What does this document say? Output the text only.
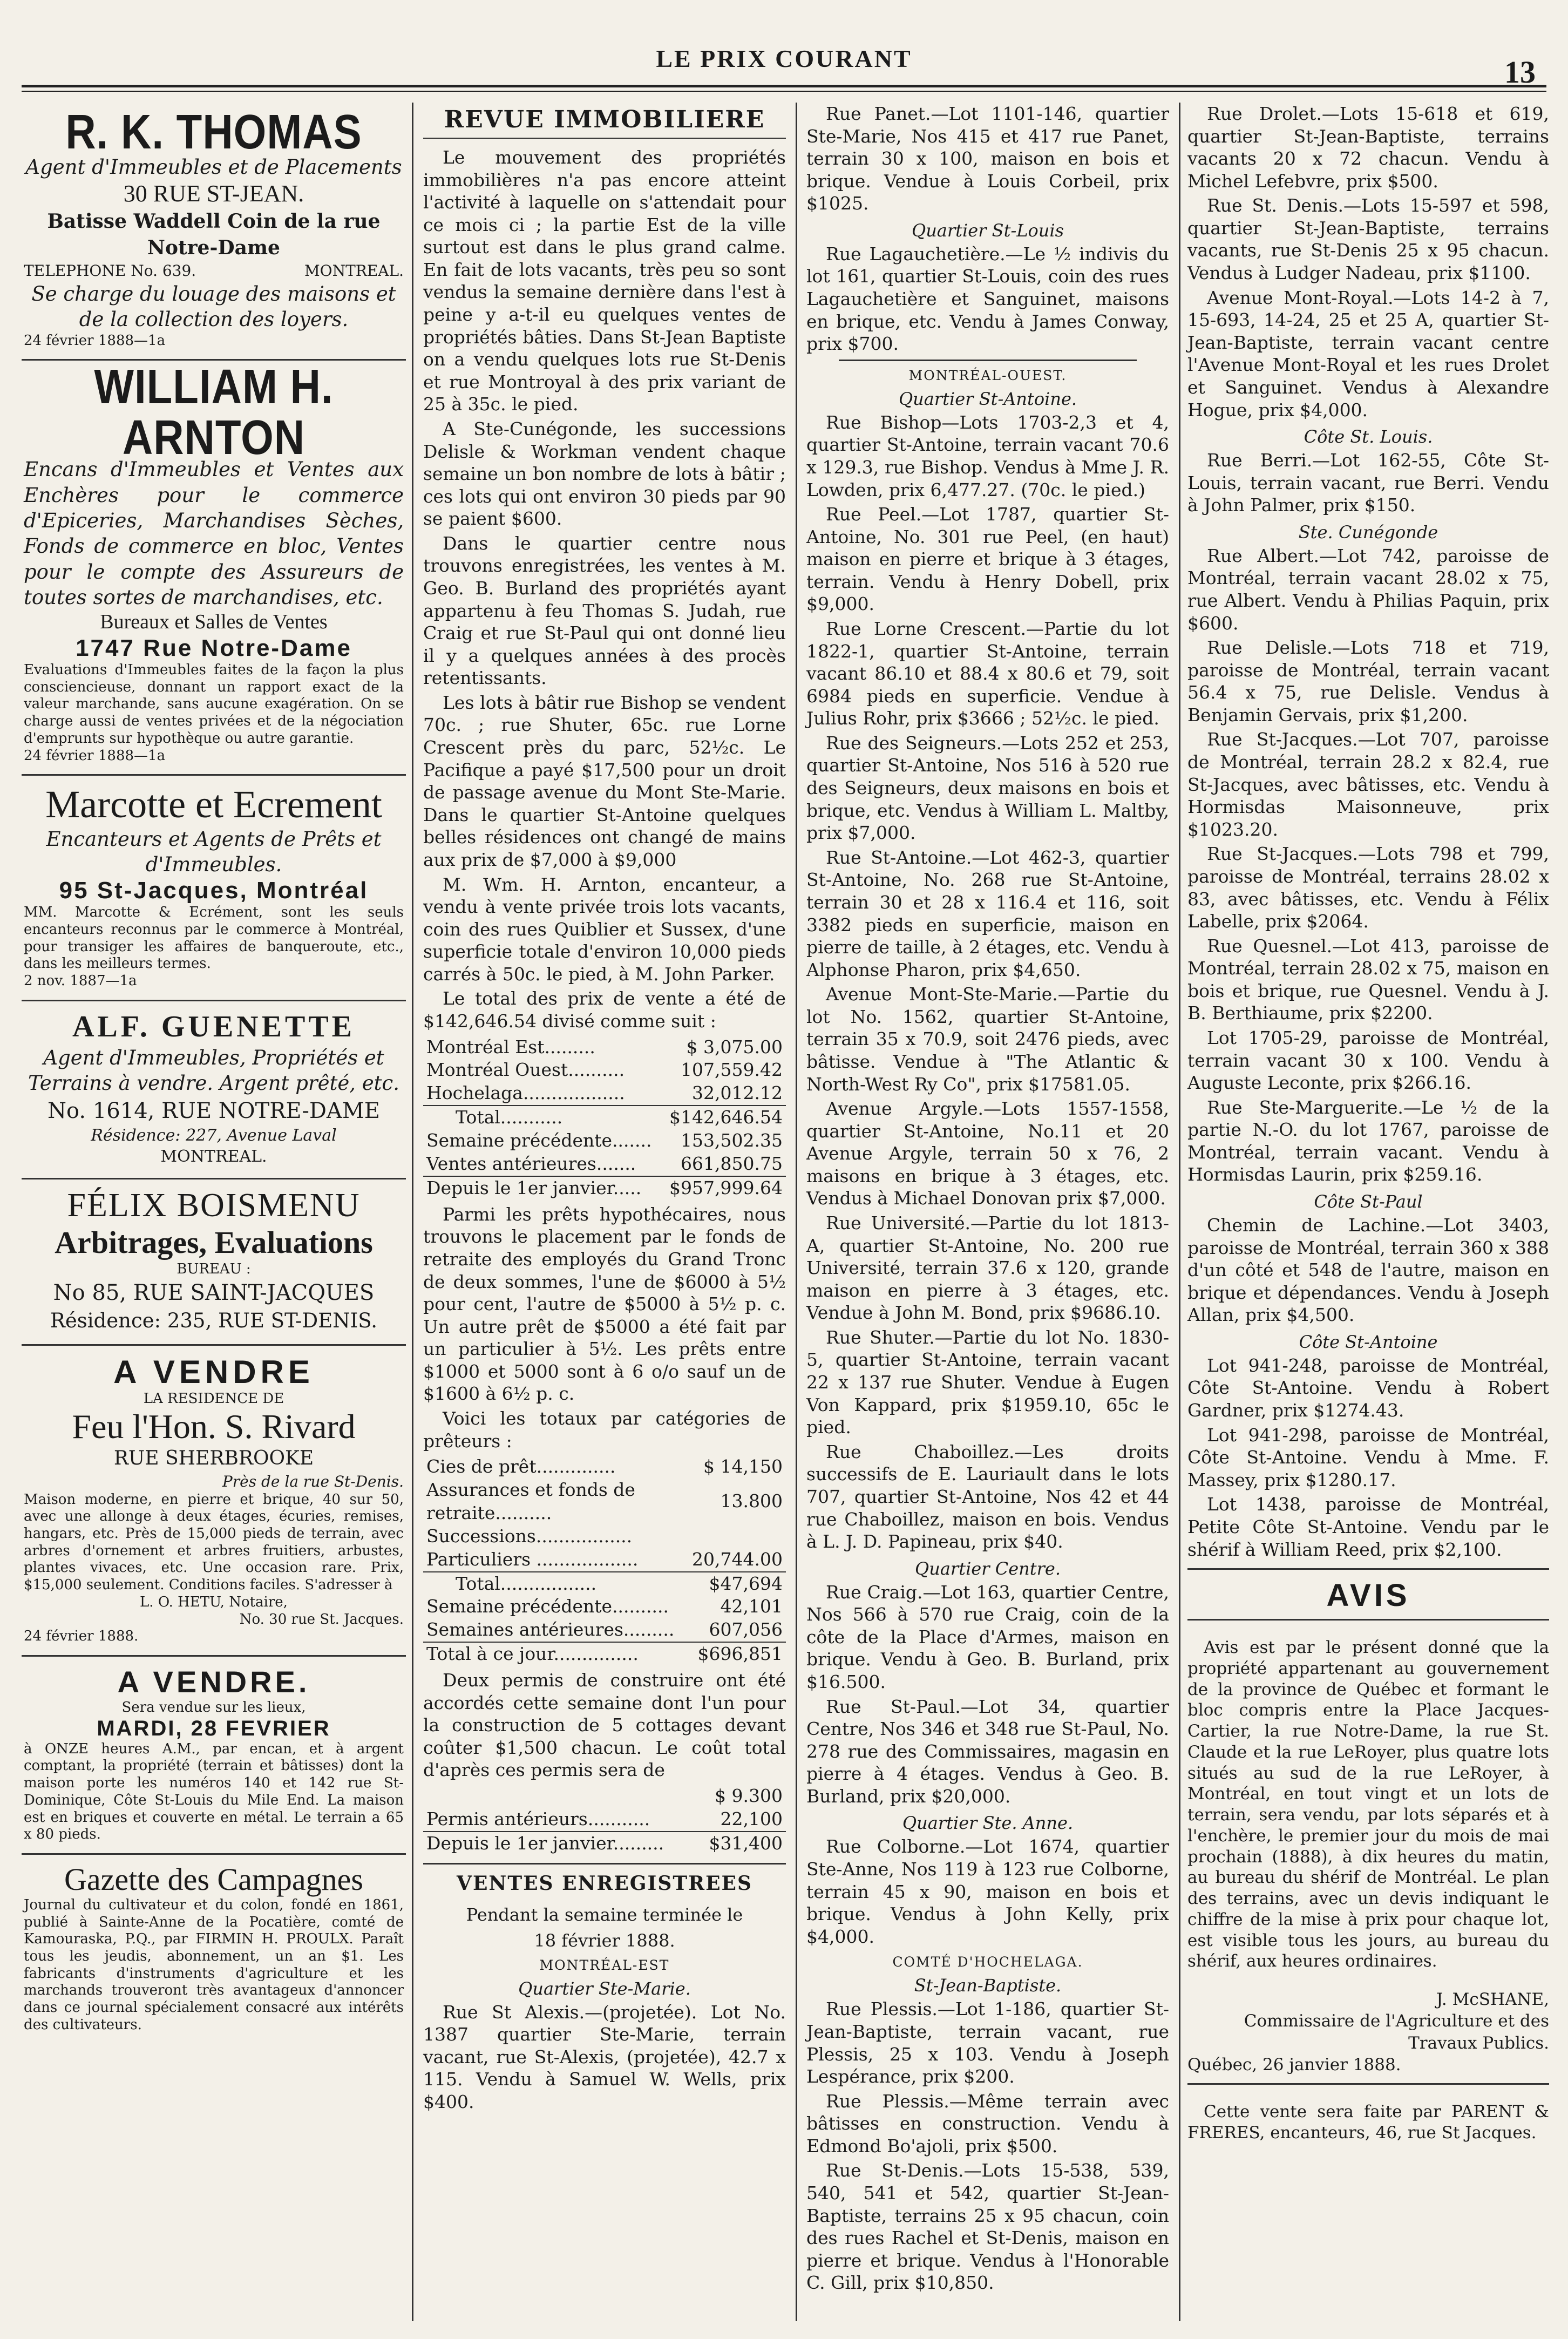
LE PRIX COURANT	13
R. K. THOMAS
Agent d'Immeubles et de Placements
30 RUE ST-JEAN.
Batisse Waddell Coin de la rue Notre-Dame
TELEPHONE No. 639.	MONTREAL.
Se charge du louage des maisons et de la collection des loyers.
24 février 1888—1a
WILLIAM H. ARNTON
Encans d'Immeubles et Ventes aux Enchères pour le commerce d'Epiceries, Marchandises Sèches, Fonds de commerce en bloc, Ventes pour le compte des Assureurs de toutes sortes de marchandises, etc.
Bureaux et Salles de Ventes
1747 Rue Notre-Dame
Evaluations d'Immeubles faites de la façon la plus consciencieuse, donnant un rapport exact de la valeur marchande, sans aucune exagération. On se charge aussi de ventes privées et de la négociation d'emprunts sur hypothèque ou autre garantie.
24 février 1888—1a
Marcotte et Ecrement
Encanteurs et Agents de Prêts et d'Immeubles.
95 St-Jacques, Montréal
MM. Marcotte & Ecrément, sont les seuls encanteurs reconnus par le commerce à Montréal, pour transiger les affaires de banqueroute, etc., dans les meilleurs termes.
2 nov. 1887—1a
ALF. GUENETTE
Agent d'Immeubles, Propriétés et Terrains à vendre. Argent prêté, etc.
No. 1614, RUE NOTRE-DAME
Résidence: 227, Avenue Laval
MONTREAL.
FÉLIX BOISMENU
Arbitrages, Evaluations
BUREAU :
No 85, RUE SAINT-JACQUES
Résidence: 235, RUE ST-DENIS.
A VENDRE
LA RESIDENCE DE
Feu l'Hon. S. Rivard
RUE SHERBROOKE
Près de la rue St-Denis.
Maison moderne, en pierre et brique, 40 sur 50, avec une allonge à deux étages, écuries, remises, hangars, etc. Près de 15,000 pieds de terrain, avec arbres d'ornement et arbres fruitiers, arbustes, plantes vivaces, etc. Une occasion rare. Prix, $15,000 seulement. Conditions faciles. S'adresser à
L. O. HETU, Notaire,
No. 30 rue St. Jacques.
24 février 1888.
A VENDRE.
Sera vendue sur les lieux,
MARDI, 28 FEVRIER
à ONZE heures A.M., par encan, et à argent comptant, la propriété (terrain et bâtisses) dont la maison porte les numéros 140 et 142 rue St-Dominique, Côte St-Louis du Mile End. La maison est en briques et couverte en métal. Le terrain a 65 x 80 pieds.
Gazette des Campagnes
Journal du cultivateur et du colon, fondé en 1861, publié à Sainte-Anne de la Pocatière, comté de Kamouraska, P.Q., par FIRMIN H. PROULX. Paraît tous les jeudis, abonnement, un an $1. Les fabricants d'instruments d'agriculture et les marchands trouveront très avantageux d'annoncer dans ce journal spécialement consacré aux intérêts des cultivateurs.
REVUE IMMOBILIERE

Le mouvement des propriétés immobilières n'a pas encore atteint l'activité à laquelle on s'attendait pour ce mois ci ; la partie Est de la ville surtout est dans le plus grand calme. En fait de lots vacants, très peu so sont vendus la semaine dernière dans l'est à peine y a-t-il eu quelques ventes de propriétés bâties. Dans St-Jean Baptiste on a vendu quelques lots rue St-Denis et rue Montroyal à des prix variant de 25 à 35c. le pied.

A Ste-Cunégonde, les successions Delisle & Workman vendent chaque semaine un bon nombre de lots à bâtir ; ces lots qui ont environ 30 pieds par 90 se paient $600.

Dans le quartier centre nous trouvons enregistrées, les ventes à M. Geo. B. Burland des propriétés ayant appartenu à feu Thomas S. Judah, rue Craig et rue St-Paul qui ont donné lieu il y a quelques années à des procès retentissants.

Les lots à bâtir rue Bishop se vendent 70c. ; rue Shuter, 65c. rue Lorne Crescent près du parc, 52½c. Le Pacifique a payé $17,500 pour un droit de passage avenue du Mont Ste-Marie. Dans le quartier St-Antoine quelques belles résidences ont changé de mains aux prix de $7,000 à $9,000

M. Wm. H. Arnton, encanteur, a vendu à vente privée trois lots vacants, coin des rues Quiblier et Sussex, d'une superficie totale d'environ 10,000 pieds carrés à 50c. le pied, à M. John Parker.

Le total des prix de vente a été de $142,646.54 divisé comme suit :

Montréal Est.........	$ 3,075.00
Montréal Ouest..........	107,559.42
Hochelaga..................	32,012.12
Total...........	$142,646.54
Semaine précédente.......	153,502.35
Ventes antérieures.......	661,850.75
Depuis le 1er janvier.....	$957,999.64

Parmi les prêts hypothécaires, nous trouvons le placement par le fonds de retraite des employés du Grand Tronc de deux sommes, l'une de $6000 à 5½ pour cent, l'autre de $5000 à 5½ p. c. Un autre prêt de $5000 a été fait par un particulier à 5½. Les prêts entre $1000 et 5000 sont à 6 o/o sauf un de $1600 à 6½ p. c.

Voici les totaux par catégories de prêteurs :

Cies de prêt..............	$ 14,150
Assurances et fonds de retraite..........	13.800
Successions.................	
Particuliers ..................	20,744.00
Total.................	$47,694
Semaine précédente..........	42,101
Semaines antérieures.........	607,056
Total à ce jour...............	$696,851

Deux permis de construire ont été accordés cette semaine dont l'un pour la construction de 5 cottages devant coûter $1,500 chacun. Le coût total d'après ces permis sera de

	$ 9.300
Permis antérieurs...........	22,100
Depuis le 1er janvier.........	$31,400
VENTES ENREGISTREES
Pendant la semaine terminée le
18 février 1888.
MONTRÉAL-EST
Quartier Ste-Marie.

Rue St Alexis.—(projetée). Lot No. 1387 quartier Ste-Marie, terrain vacant, rue St-Alexis, (projetée), 42.7 x 115. Vendu à Samuel W. Wells, prix $400.

Rue Panet.—Lot 1101-146, quartier Ste-Marie, Nos 415 et 417 rue Panet, terrain 30 x 100, maison en bois et brique. Vendue à Louis Corbeil, prix $1025.

Quartier St-Louis

Rue Lagauchetière.—Le ½ indivis du lot 161, quartier St-Louis, coin des rues Lagauchetière et Sanguinet, maisons en brique, etc. Vendu à James Conway, prix $700.

MONTRÉAL-OUEST.
Quartier St-Antoine.

Rue Bishop—Lots 1703-2,3 et 4, quartier St-Antoine, terrain vacant 70.6 x 129.3, rue Bishop. Vendus à Mme J. R. Lowden, prix 6,477.27. (70c. le pied.)

Rue Peel.—Lot 1787, quartier St-Antoine, No. 301 rue Peel, (en haut) maison en pierre et brique à 3 étages, terrain. Vendu à Henry Dobell, prix $9,000.

Rue Lorne Crescent.—Partie du lot 1822-1, quartier St-Antoine, terrain vacant 86.10 et 88.4 x 80.6 et 79, soit 6984 pieds en superficie. Vendue à Julius Rohr, prix $3666 ; 52½c. le pied.

Rue des Seigneurs.—Lots 252 et 253, quartier St-Antoine, Nos 516 à 520 rue des Seigneurs, deux maisons en bois et brique, etc. Vendus à William L. Maltby, prix $7,000.

Rue St-Antoine.—Lot 462-3, quartier St-Antoine, No. 268 rue St-Antoine, terrain 30 et 28 x 116.4 et 116, soit 3382 pieds en superficie, maison en pierre de taille, à 2 étages, etc. Vendu à Alphonse Pharon, prix $4,650.

Avenue Mont-Ste-Marie.—Partie du lot No. 1562, quartier St-Antoine, terrain 35 x 70.9, soit 2476 pieds, avec bâtisse. Vendue à "The Atlantic & North-West Ry Co", prix $17581.05.

Avenue Argyle.—Lots 1557-1558, quartier St-Antoine, No.11 et 20 Avenue Argyle, terrain 50 x 76, 2 maisons en brique à 3 étages, etc. Vendus à Michael Donovan prix $7,000.

Rue Université.—Partie du lot 1813-A, quartier St-Antoine, No. 200 rue Université, terrain 37.6 x 120, grande maison en pierre à 3 étages, etc. Vendue à John M. Bond, prix $9686.10.

Rue Shuter.—Partie du lot No. 1830-5, quartier St-Antoine, terrain vacant 22 x 137 rue Shuter. Vendue à Eugen Von Kappard, prix $1959.10, 65c le pied.

Rue Chaboillez.—Les droits successifs de E. Lauriault dans le lots 707, quartier St-Antoine, Nos 42 et 44 rue Chaboillez, maison en bois. Vendus à L. J. D. Papineau, prix $40.

Quartier Centre.

Rue Craig.—Lot 163, quartier Centre, Nos 566 à 570 rue Craig, coin de la côte de la Place d'Armes, maison en brique. Vendu à Geo. B. Burland, prix $16.500.

Rue St-Paul.—Lot 34, quartier Centre, Nos 346 et 348 rue St-Paul, No. 278 rue des Commissaires, magasin en pierre à 4 étages. Vendus à Geo. B. Burland, prix $20,000.

Quartier Ste. Anne.

Rue Colborne.—Lot 1674, quartier Ste-Anne, Nos 119 à 123 rue Colborne, terrain 45 x 90, maison en bois et brique. Vendus à John Kelly, prix $4,000.

COMTÉ D'HOCHELAGA.
St-Jean-Baptiste.

Rue Plessis.—Lot 1-186, quartier St-Jean-Baptiste, terrain vacant, rue Plessis, 25 x 103. Vendu à Joseph Lespérance, prix $200.

Rue Plessis.—Même terrain avec bâtisses en construction. Vendu à Edmond Bo'ajoli, prix $500.

Rue St-Denis.—Lots 15-538, 539, 540, 541 et 542, quartier St-Jean-Baptiste, terrains 25 x 95 chacun, coin des rues Rachel et St-Denis, maison en pierre et brique. Vendus à l'Honorable C. Gill, prix $10,850.

Rue Drolet.—Lots 15-618 et 619, quartier St-Jean-Baptiste, terrains vacants 20 x 72 chacun. Vendu à Michel Lefebvre, prix $500.

Rue St. Denis.—Lots 15-597 et 598, quartier St-Jean-Baptiste, terrains vacants, rue St-Denis 25 x 95 chacun. Vendus à Ludger Nadeau, prix $1100.

Avenue Mont-Royal.—Lots 14-2 à 7, 15-693, 14-24, 25 et 25 A, quartier St-Jean-Baptiste, terrain vacant centre l'Avenue Mont-Royal et les rues Drolet et Sanguinet. Vendus à Alexandre Hogue, prix $4,000.

Côte St. Louis.

Rue Berri.—Lot 162-55, Côte St-Louis, terrain vacant, rue Berri. Vendu à John Palmer, prix $150.

Ste. Cunégonde

Rue Albert.—Lot 742, paroisse de Montréal, terrain vacant 28.02 x 75, rue Albert. Vendu à Philias Paquin, prix $600.

Rue Delisle.—Lots 718 et 719, paroisse de Montréal, terrain vacant 56.4 x 75, rue Delisle. Vendus à Benjamin Gervais, prix $1,200.

Rue St-Jacques.—Lot 707, paroisse de Montréal, terrain 28.2 x 82.4, rue St-Jacques, avec bâtisses, etc. Vendu à Hormisdas Maisonneuve, prix $1023.20.

Rue St-Jacques.—Lots 798 et 799, paroisse de Montréal, terrains 28.02 x 83, avec bâtisses, etc. Vendu à Félix Labelle, prix $2064.

Rue Quesnel.—Lot 413, paroisse de Montréal, terrain 28.02 x 75, maison en bois et brique, rue Quesnel. Vendu à J. B. Berthiaume, prix $2200.

Lot 1705-29, paroisse de Montréal, terrain vacant 30 x 100. Vendu à Auguste Leconte, prix $266.16.

Rue Ste-Marguerite.—Le ½ de la partie N.-O. du lot 1767, paroisse de Montréal, terrain vacant. Vendu à Hormisdas Laurin, prix $259.16.

Côte St-Paul

Chemin de Lachine.—Lot 3403, paroisse de Montréal, terrain 360 x 388 d'un côté et 548 de l'autre, maison en brique et dépendances. Vendu à Joseph Allan, prix $4,500.

Côte St-Antoine

Lot 941-248, paroisse de Montréal, Côte St-Antoine. Vendu à Robert Gardner, prix $1274.43.

Lot 941-298, paroisse de Montréal, Côte St-Antoine. Vendu à Mme. F. Massey, prix $1280.17.

Lot 1438, paroisse de Montréal, Petite Côte St-Antoine. Vendu par le shérif à William Reed, prix $2,100.

AVIS

Avis est par le présent donné que la propriété appartenant au gouvernement de la province de Québec et formant le bloc compris entre la Place Jacques-Cartier, la rue Notre-Dame, la rue St. Claude et la rue LeRoyer, plus quatre lots situés au sud de la rue LeRoyer, à Montréal, en tout vingt et un lots de terrain, sera vendu, par lots séparés et à l'enchère, le premier jour du mois de mai prochain (1888), à dix heures du matin, au bureau du shérif de Montréal. Le plan des terrains, avec un devis indiquant le chiffre de la mise à prix pour chaque lot, est visible tous les jours, au bureau du shérif, aux heures ordinaires.

J. McSHANE,
Commissaire de l'Agriculture et des Travaux Publics.
Québec, 26 janvier 1888.

Cette vente sera faite par PARENT & FRERES, encanteurs, 46, rue St Jacques.
